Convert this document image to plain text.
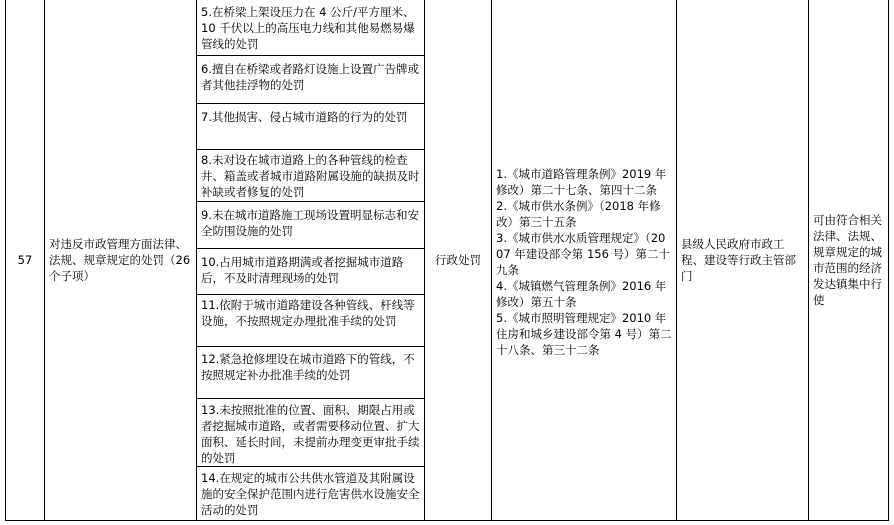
57
对违反市政管理方面法律、法规、规章规定的处罚（26 个子项）
5.在桥梁上架设压力在 4 公斤/平方厘米、10 千伏以上的高压电力线和其他易燃易爆管线的处罚
6.擅自在桥梁或者路灯设施上设置广告牌或者其他挂浮物的处罚
7.其他损害、侵占城市道路的行为的处罚
8.未对设在城市道路上的各种管线的检查井、箱盖或者城市道路附属设施的缺损及时补缺或者修复的处罚
9.未在城市道路施工现场设置明显标志和安全防围设施的处罚
10.占用城市道路期满或者挖掘城市道路后，不及时清理现场的处罚
11.依附于城市道路建设各种管线、杆线等设施，不按照规定办理批准手续的处罚
12.紧急抢修埋设在城市道路下的管线，不按照规定补办批准手续的处罚
13.未按照批准的位置、面积、期限占用或者挖掘城市道路，或者需要移动位置、扩大面积、延长时间，未提前办理变更审批手续的处罚
14.在规定的城市公共供水管道及其附属设施的安全保护范围内进行危害供水设施安全活动的处罚
行政处罚

1.《城市道路管理条例》2019 年修改）第二十七条、第四十二条
2.《城市供水条例》（2018 年修改）第三十五条
3.《城市供水水质管理规定》（2007 年建设部令第 156 号）第二十九条
4.《城镇燃气管理条例》2016 年修改）第五十条
5.《城市照明管理规定》2010 年住房和城乡建设部令第 4 号）第二十八条、第三十二条

县级人民政府市政工程、建设等行政主管部门
可由符合相关法律、法规、规章规定的城市范围的经济发达镇集中行使
